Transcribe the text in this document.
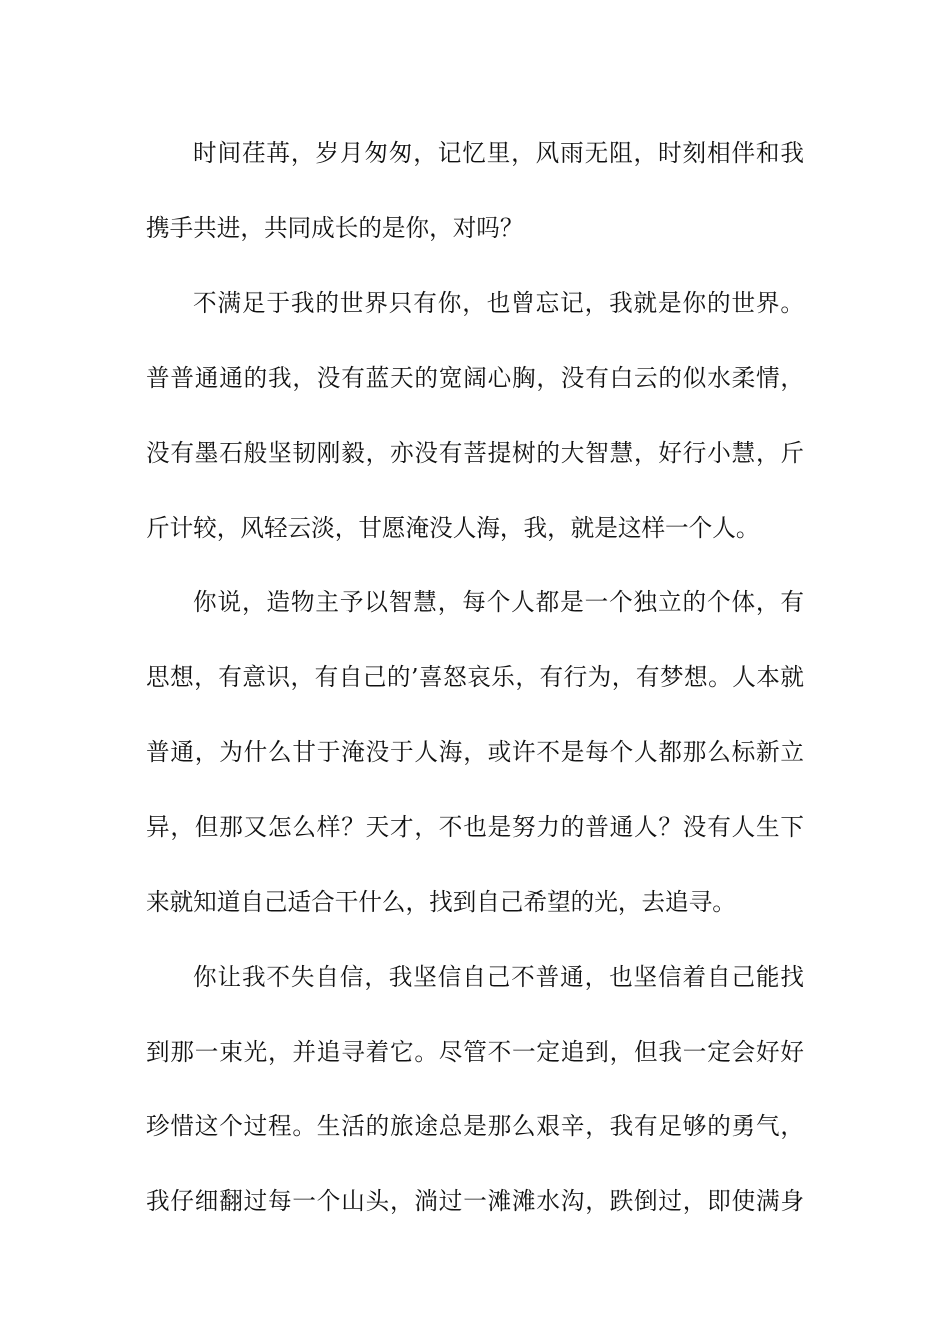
时间荏苒，岁月匆匆，记忆里，风雨无阻，时刻相伴和我
携手共进，共同成长的是你，对吗？
不满足于我的世界只有你，也曾忘记，我就是你的世界。
普普通通的我，没有蓝天的宽阔心胸，没有白云的似水柔情，
没有墨石般坚韧刚毅，亦没有菩提树的大智慧，好行小慧，斤
斤计较，风轻云淡，甘愿淹没人海，我，就是这样一个人。
你说，造物主予以智慧，每个人都是一个独立的个体，有
思想，有意识，有自己的’喜怒哀乐，有行为，有梦想。人本就
普通，为什么甘于淹没于人海，或许不是每个人都那么标新立
异，但那又怎么样？天才，不也是努力的普通人？没有人生下
来就知道自己适合干什么，找到自己希望的光，去追寻。
你让我不失自信，我坚信自己不普通，也坚信着自己能找
到那一束光，并追寻着它。尽管不一定追到，但我一定会好好
珍惜这个过程。生活的旅途总是那么艰辛，我有足够的勇气，
我仔细翻过每一个山头，淌过一滩滩水沟，跌倒过，即使满身
